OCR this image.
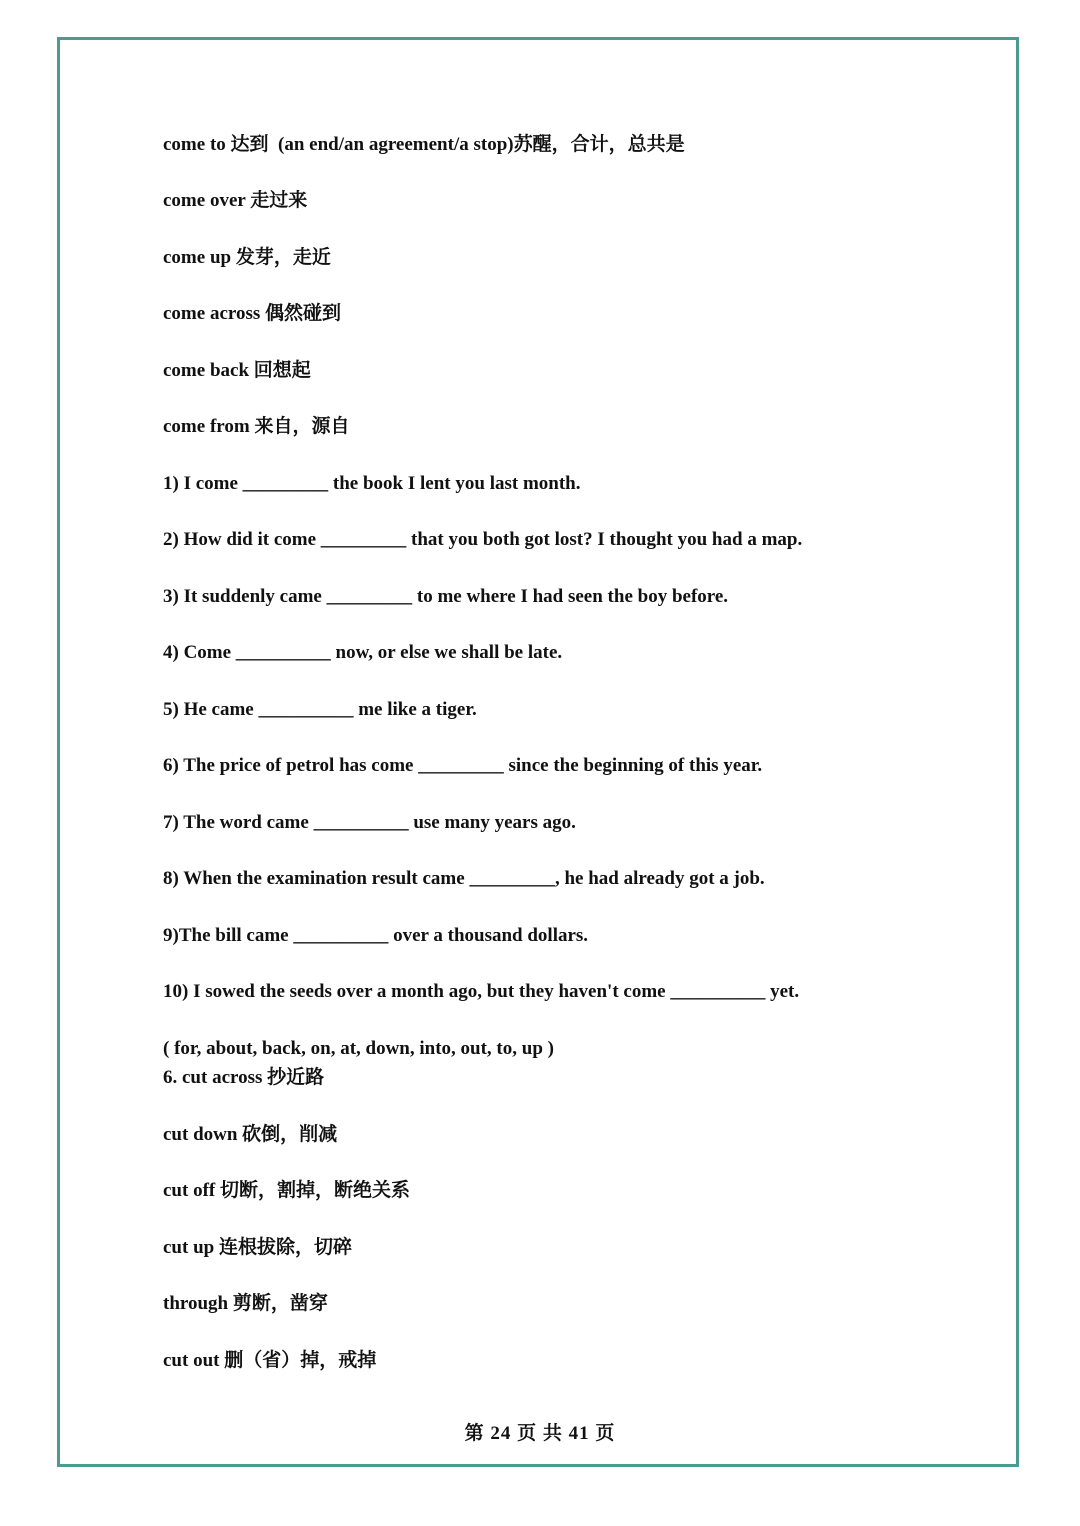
come to 达到  (an end/an agreement/a stop)苏醒，合计，总共是
come over 走过来
come up 发芽，走近
come across 偶然碰到
come back 回想起
come from 来自，源自
1) I come _________ the book I lent you last month.
2) How did it come _________ that you both got lost? I thought you had a map.
3) It suddenly came _________ to me where I had seen the boy before.
4) Come __________ now, or else we shall be late.
5) He came __________ me like a tiger.
6) The price of petrol has come _________ since the beginning of this year.
7) The word came __________ use many years ago.
8) When the examination result came _________, he had already got a job.
9)The bill came __________ over a thousand dollars.
10) I sowed the seeds over a month ago, but they haven't come __________ yet.
( for, about, back, on, at, down, into, out, to, up )
6. cut across 抄近路
cut down 砍倒，削减
cut off 切断，割掉，断绝关系
cut up 连根拔除，切碎
through 剪断，凿穿
cut out 删（省）掉，戒掉
第 24 页 共 41 页
